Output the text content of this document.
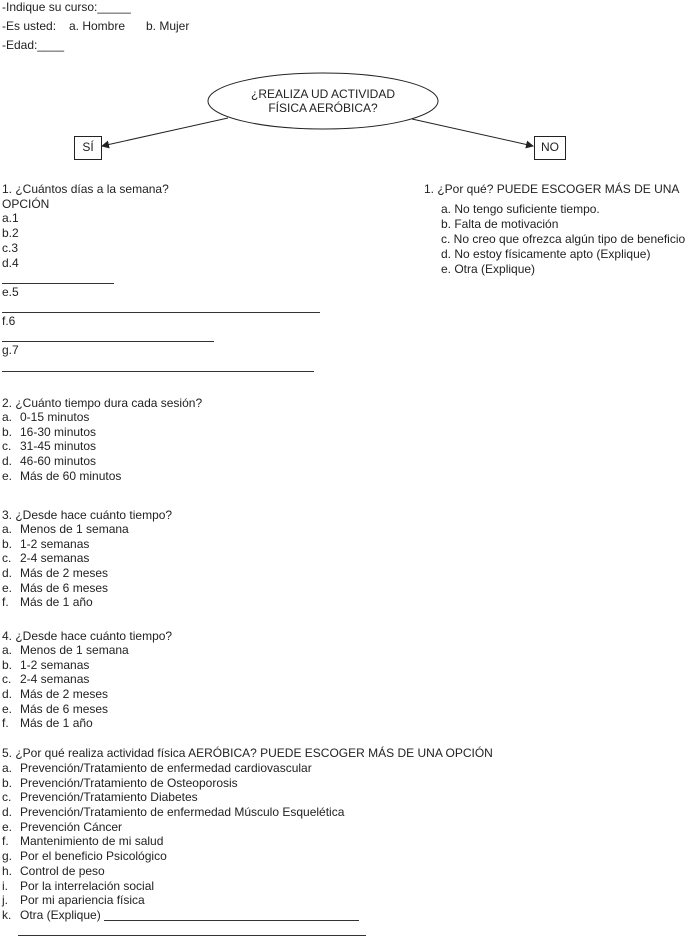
-Indique su curso:_____
-Es usted: a. Hombre b. Mujer
-Edad:____
¿REALIZA UD ACTIVIDAD
FÍSICA AERÓBICA?
SÍ	NO
1. ¿Cuántos días a la semana?
OPCIÓN
a.1
b.2
c.3
d.4
e.5
f.6
g.7
1. ¿Por qué? PUEDE ESCOGER MÁS DE UNA
a. No tengo suficiente tiempo.
b. Falta de motivación
c. No creo que ofrezca algún tipo de beneficio
d. No estoy físicamente apto (Explique)
e. Otra (Explique)
2. ¿Cuánto tiempo dura cada sesión?
a. 0-15 minutos
b. 16-30 minutos
c. 31-45 minutos
d. 46-60 minutos
e. Más de 60 minutos
3. ¿Desde hace cuánto tiempo?
a. Menos de 1 semana
b. 1-2 semanas
c. 2-4 semanas
d. Más de 2 meses
e. Más de 6 meses
f. Más de 1 año
4. ¿Desde hace cuánto tiempo?
a. Menos de 1 semana
b. 1-2 semanas
c. 2-4 semanas
d. Más de 2 meses
e. Más de 6 meses
f. Más de 1 año
5. ¿Por qué realiza actividad física AERÓBICA? PUEDE ESCOGER MÁS DE UNA OPCIÓN
a. Prevención/Tratamiento de enfermedad cardiovascular
b. Prevención/Tratamiento de Osteoporosis
c. Prevención/Tratamiento Diabetes
d. Prevención/Tratamiento de enfermedad Músculo Esquelética
e. Prevención Cáncer
f. Mantenimiento de mi salud
g. Por el beneficio Psicológico
h. Control de peso
i. Por la interrelación social
j. Por mi apariencia física
k. Otra (Explique)
